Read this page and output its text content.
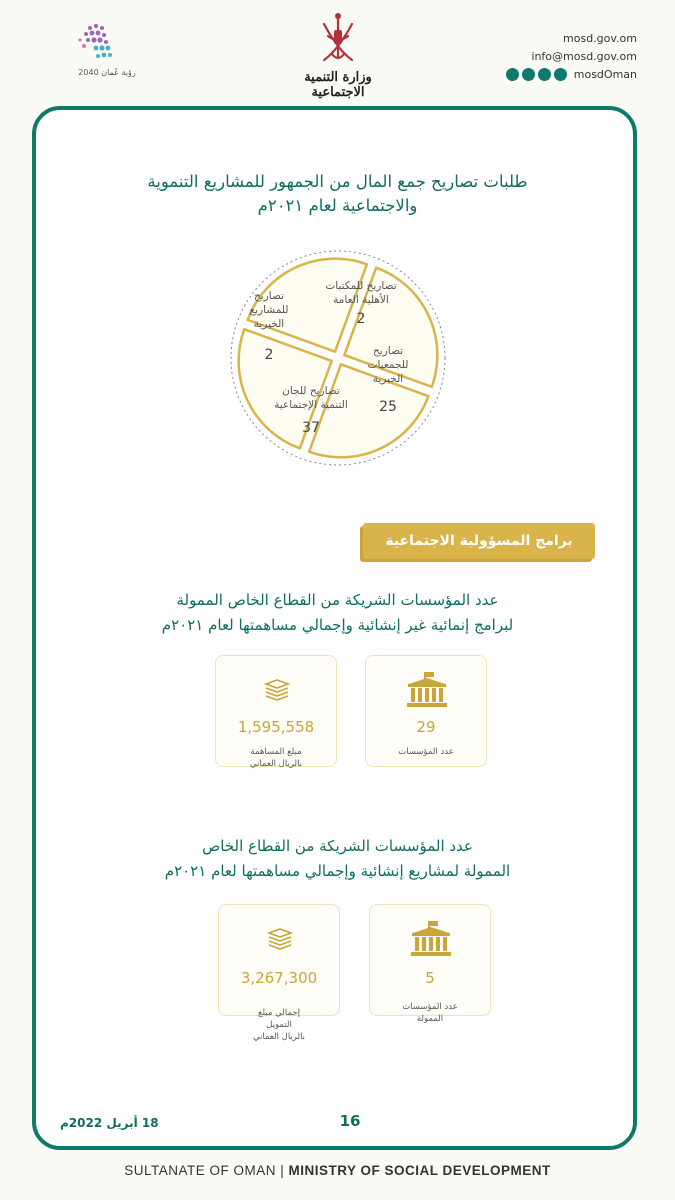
رؤية عُمان 2040	وزارة التنمية الاجتماعية
mosd.gov.om
info@mosd.gov.om
mosdOman
طلبات تصاريح جمع المال من الجمهور للمشاريع التنموية
والاجتماعية لعام ٢٠٢١م
تصاريح للمكتبات
الأهلية العامة
2
تصاريح
للجمعيات
الخيرية
25
تصاريح للجان
التنمية الإجتماعية
37
تصاريح
للمشاريع
الخيرية
2
برامج المسؤولية الاجتماعية
عدد المؤسسات الشريكة من القطاع الخاص الممولة
لبرامج إنمائية غير إنشائية وإجمالي مساهمتها لعام ٢٠٢١م
29
عدد المؤسسات
1,595,558
مبلغ المساهمة
بالريال العماني
عدد المؤسسات الشريكة من القطاع الخاص
الممولة لمشاريع إنشائية وإجمالي مساهمتها لعام ٢٠٢١م
5
عدد المؤسسات
الممولة
3,267,300
إجمالي مبلغ
التمويل
بالريال العماني
16
18 أبريل 2022م
SULTANATE OF OMAN | MINISTRY OF SOCIAL DEVELOPMENT
